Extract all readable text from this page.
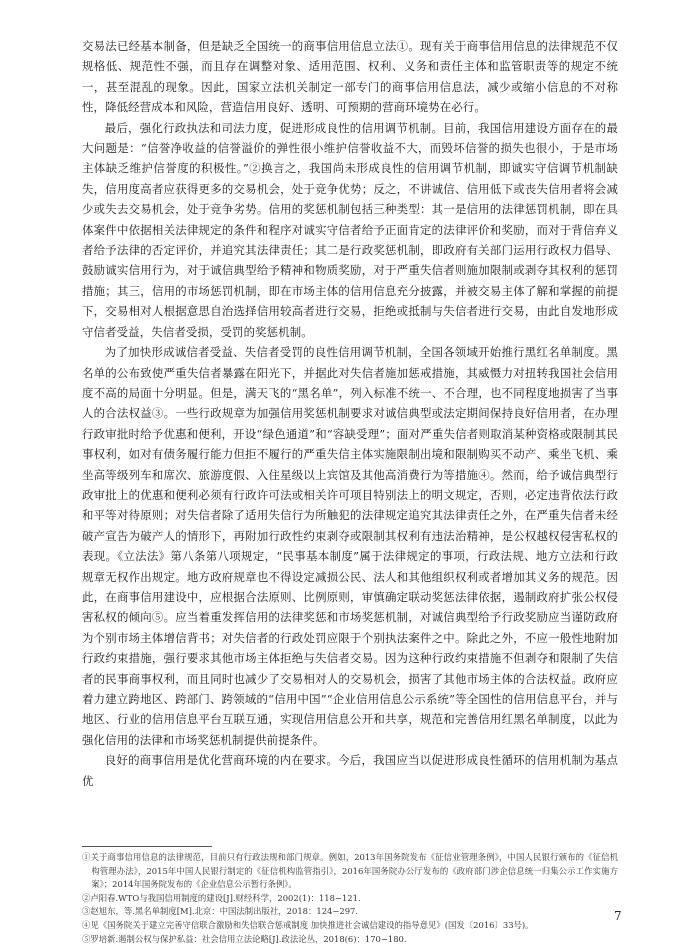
交易法已经基本制备，但是缺乏全国统一的商事信用信息立法①。现有关于商事信用信息的法律规范不仅规格低、规范性不强，而且存在调整对象、适用范围、权利、义务和责任主体和监管职责等的规定不统一，甚至混乱的现象。因此，国家立法机关制定一部专门的商事信用信息法，减少或缩小信息的不对称性，降低经营成本和风险，营造信用良好、透明、可预期的营商环境势在必行。

最后，强化行政执法和司法力度，促进形成良性的信用调节机制。目前，我国信用建设方面存在的最大问题是：“信誉净收益的信誉溢价的弹性很小维护信誉收益不大，而毁坏信誉的损失也很小，于是市场主体缺乏维护信誉度的积极性。”②换言之，我国尚未形成良性的信用调节机制，即诚实守信调节机制缺失，信用度高者应获得更多的交易机会，处于竞争优势；反之，不讲诚信、信用低下或丧失信用者将会减少或失去交易机会，处于竞争劣势。信用的奖惩机制包括三种类型：其一是信用的法律惩罚机制，即在具体案件中依据相关法律规定的条件和程序对诚实守信者给予正面肯定的法律评价和奖励，而对于背信弃义者给予法律的否定评价，并追究其法律责任；其二是行政奖惩机制，即政府有关部门运用行政权力倡导、鼓励诚实信用行为，对于诚信典型给予精神和物质奖励，对于严重失信者则施加限制或剥夺其权利的惩罚措施；其三，信用的市场惩罚机制，即在市场主体的信用信息充分披露，并被交易主体了解和掌握的前提下，交易相对人根据意思自治选择信用较高者进行交易，拒绝或抵制与失信者进行交易，由此自发地形成守信者受益，失信者受损，受罚的奖惩机制。

为了加快形成诚信者受益、失信者受罚的良性信用调节机制，全国各领域开始推行黑红名单制度。黑名单的公布致使严重失信者暴露在阳光下，并据此对失信者施加惩戒措施，其威慑力对扭转我国社会信用度不高的局面十分明显。但是，满天飞的“黑名单”，列入标准不统一、不合理，也不同程度地损害了当事人的合法权益③。一些行政规章为加强信用奖惩机制要求对诚信典型或法定期间保持良好信用者，在办理行政审批时给予优惠和便利，开设“绿色通道”和“容缺受理”；面对严重失信者则取消某种资格或限制其民事权利，如对有债务履行能力但拒不履行的严重失信主体实施限制出境和限制购买不动产、乘坐飞机、乘坐高等级列车和席次、旅游度假、入住星级以上宾馆及其他高消费行为等措施④。然而，给予诚信典型行政审批上的优惠和便利必须有行政许可法或相关许可项目特别法上的明文规定，否则，必定违背依法行政和平等对待原则；对失信者除了适用失信行为所触犯的法律规定追究其法律责任之外，在严重失信者未经破产宣告为破产人的情形下，再附加行政性约束剥夺或限制其权利有违法治精神，是公权越权侵害私权的表现。《立法法》第八条第八项规定，“民事基本制度”属于法律规定的事项，行政法规、地方立法和行政规章无权作出规定。地方政府规章也不得设定减损公民、法人和其他组织权利或者增加其义务的规范。因此，在商事信用建设中，应根据合法原则、比例原则，审慎确定联动奖惩法律依据，遏制政府扩张公权侵害私权的倾向⑤。应当着重发挥信用的法律奖惩和市场奖惩机制，对诚信典型给予行政奖励应当谨防政府为个别市场主体增信背书；对失信者的行政处罚应限于个别执法案件之中。除此之外，不应一般性地附加行政约束措施，强行要求其他市场主体拒绝与失信者交易。因为这种行政约束措施不但剥夺和限制了失信者的民事商事权利，而且同时也减少了交易相对人的交易机会，损害了其他市场主体的合法权益。政府应着力建立跨地区、跨部门、跨领域的“信用中国”“企业信用信息公示系统”等全国性的信用信息平台，并与地区、行业的信用信息平台互联互通，实现信用信息公开和共享，规范和完善信用红黑名单制度，以此为强化信用的法律和市场奖惩机制提供前提条件。

良好的商事信用是优化营商环境的内在要求。今后，我国应当以促进形成良性循环的信用机制为基点优

①关于商事信用信息的法律规范，目前只有行政法规和部门规章。例如，2013年国务院发布《征信业管理条例》，中国人民银行颁布的《征信机构管理办法》，2015年中国人民银行制定的《征信机构监管指引》，2016年国务院办公厅发布的《政府部门涉企信息统一归集公示工作实施方案》；2014年国务院发布的《企业信息公示暂行条例》。

②卢阳春.WTO与我国信用制度的建设[J].财经科学，2002(1)：118−121.

③赵旭东，等.黑名单制度[M].北京：中国法制出版社，2018：124−297.

④见《国务院关于建立完善守信联合激励和失信联合惩戒制度 加快推进社会诚信建设的指导意见》(国发〔2016〕33号)。

⑤罗培新.遏制公权与保护私益：社会信用立法论略[J].政法论丛，2018(6)：170−180.

7
